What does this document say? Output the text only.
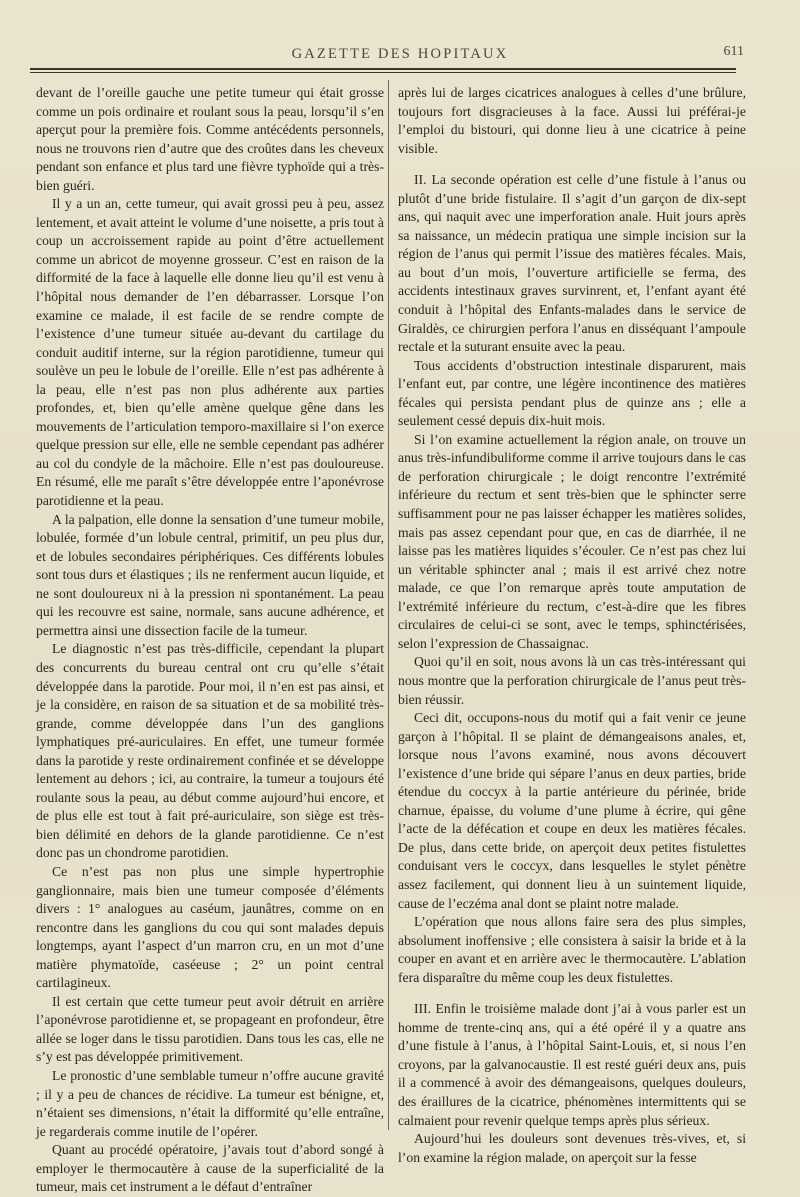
GAZETTE DES HOPITAUX	611

devant de l’oreille gauche une petite tumeur qui était grosse comme un pois ordinaire et roulant sous la peau, lorsqu’il s’en aperçut pour la première fois. Comme antécédents personnels, nous ne trouvons rien d’autre que des croûtes dans les cheveux pendant son enfance et plus tard une fièvre typhoïde qui a très-bien guéri.

Il y a un an, cette tumeur, qui avait grossi peu à peu, assez lentement, et avait atteint le volume d’une noisette, a pris tout à coup un accroissement rapide au point d’être actuellement comme un abricot de moyenne grosseur. C’est en raison de la difformité de la face à laquelle elle donne lieu qu’il est venu à l’hôpital nous demander de l’en débarrasser. Lorsque l’on examine ce malade, il est facile de se rendre compte de l’existence d’une tumeur située au-devant du cartilage du conduit auditif interne, sur la région parotidienne, tumeur qui soulève un peu le lobule de l’oreille. Elle n’est pas adhérente à la peau, elle n’est pas non plus adhérente aux parties profondes, et, bien qu’elle amène quelque gêne dans les mouvements de l’articulation temporo-maxillaire si l’on exerce quelque pression sur elle, elle ne semble cependant pas adhérer au col du condyle de la mâchoire. Elle n’est pas douloureuse. En résumé, elle me paraît s’être développée entre l’aponévrose parotidienne et la peau.

A la palpation, elle donne la sensation d’une tumeur mobile, lobulée, formée d’un lobule central, primitif, un peu plus dur, et de lobules secondaires périphériques. Ces différents lobules sont tous durs et élastiques ; ils ne renferment aucun liquide, et ne sont douloureux ni à la pression ni spontanément. La peau qui les recouvre est saine, normale, sans aucune adhérence, et permettra ainsi une dissection facile de la tumeur.

Le diagnostic n’est pas très-difficile, cependant la plupart des concurrents du bureau central ont cru qu’elle s’était développée dans la parotide. Pour moi, il n’en est pas ainsi, et je la considère, en raison de sa situation et de sa mobilité très-grande, comme développée dans l’un des ganglions lymphatiques pré-auriculaires. En effet, une tumeur formée dans la parotide y reste ordinairement confinée et se développe lentement au dehors ; ici, au contraire, la tumeur a toujours été roulante sous la peau, au début comme aujourd’hui encore, et de plus elle est tout à fait pré-auriculaire, son siège est très-bien délimité en dehors de la glande parotidienne. Ce n’est donc pas un chondrome parotidien.

Ce n’est pas non plus une simple hypertrophie ganglionnaire, mais bien une tumeur composée d’éléments divers : 1° analogues au caséum, jaunâtres, comme on en rencontre dans les ganglions du cou qui sont malades depuis longtemps, ayant l’aspect d’un marron cru, en un mot d’une matière phymatoïde, caséeuse ; 2° un point central cartilagineux.

Il est certain que cette tumeur peut avoir détruit en arrière l’aponévrose parotidienne et, se propageant en profondeur, être allée se loger dans le tissu parotidien. Dans tous les cas, elle ne s’y est pas développée primitivement.

Le pronostic d’une semblable tumeur n’offre aucune gravité ; il y a peu de chances de récidive. La tumeur est bénigne, et, n’étaient ses dimensions, n’était la difformité qu’elle entraîne, je regarderais comme inutile de l’opérer.

Quant au procédé opératoire, j’avais tout d’abord songé à employer le thermocautère à cause de la superficialité de la tumeur, mais cet instrument a le défaut d’entraîner

après lui de larges cicatrices analogues à celles d’une brûlure, toujours fort disgracieuses à la face. Aussi lui préférai-je l’emploi du bistouri, qui donne lieu à une cicatrice à peine visible.

II. La seconde opération est celle d’une fistule à l’anus ou plutôt d’une bride fistulaire. Il s’agit d’un garçon de dix-sept ans, qui naquit avec une imperforation anale. Huit jours après sa naissance, un médecin pratiqua une simple incision sur la région de l’anus qui permit l’issue des matières fécales. Mais, au bout d’un mois, l’ouverture artificielle se ferma, des accidents intestinaux graves survinrent, et, l’enfant ayant été conduit à l’hôpital des Enfants-malades dans le service de Giraldès, ce chirurgien perfora l’anus en disséquant l’ampoule rectale et la suturant ensuite avec la peau.

Tous accidents d’obstruction intestinale disparurent, mais l’enfant eut, par contre, une légère incontinence des matières fécales qui persista pendant plus de quinze ans ; elle a seulement cessé depuis dix-huit mois.

Si l’on examine actuellement la région anale, on trouve un anus très-infundibuliforme comme il arrive toujours dans le cas de perforation chirurgicale ; le doigt rencontre l’extrémité inférieure du rectum et sent très-bien que le sphincter serre suffisamment pour ne pas laisser échapper les matières solides, mais pas assez cependant pour que, en cas de diarrhée, il ne laisse pas les matières liquides s’écouler. Ce n’est pas chez lui un véritable sphincter anal ; mais il est arrivé chez notre malade, ce que l’on remarque après toute amputation de l’extrémité inférieure du rectum, c’est-à-dire que les fibres circulaires de celui-ci se sont, avec le temps, sphinctérisées, selon l’expression de Chassaignac.

Quoi qu’il en soit, nous avons là un cas très-intéressant qui nous montre que la perforation chirurgicale de l’anus peut très-bien réussir.

Ceci dit, occupons-nous du motif qui a fait venir ce jeune garçon à l’hôpital. Il se plaint de démangeaisons anales, et, lorsque nous l’avons examiné, nous avons découvert l’existence d’une bride qui sépare l’anus en deux parties, bride étendue du coccyx à la partie antérieure du périnée, bride charnue, épaisse, du volume d’une plume à écrire, qui gêne l’acte de la défécation et coupe en deux les matières fécales. De plus, dans cette bride, on aperçoit deux petites fistulettes conduisant vers le coccyx, dans lesquelles le stylet pénètre assez facilement, qui donnent lieu à un suintement liquide, cause de l’eczéma anal dont se plaint notre malade.

L’opération que nous allons faire sera des plus simples, absolument inoffensive ; elle consistera à saisir la bride et à la couper en avant et en arrière avec le thermocautère. L’ablation fera disparaître du même coup les deux fistulettes.

III. Enfin le troisième malade dont j’ai à vous parler est un homme de trente-cinq ans, qui a été opéré il y a quatre ans d’une fistule à l’anus, à l’hôpital Saint-Louis, et, si nous l’en croyons, par la galvanocaustie. Il est resté guéri deux ans, puis il a commencé à avoir des démangeaisons, quelques douleurs, des éraillures de la cicatrice, phénomènes intermittents qui se calmaient pour revenir quelque temps après plus sérieux.

Aujourd’hui les douleurs sont devenues très-vives, et, si l’on examine la région malade, on aperçoit sur la fesse
